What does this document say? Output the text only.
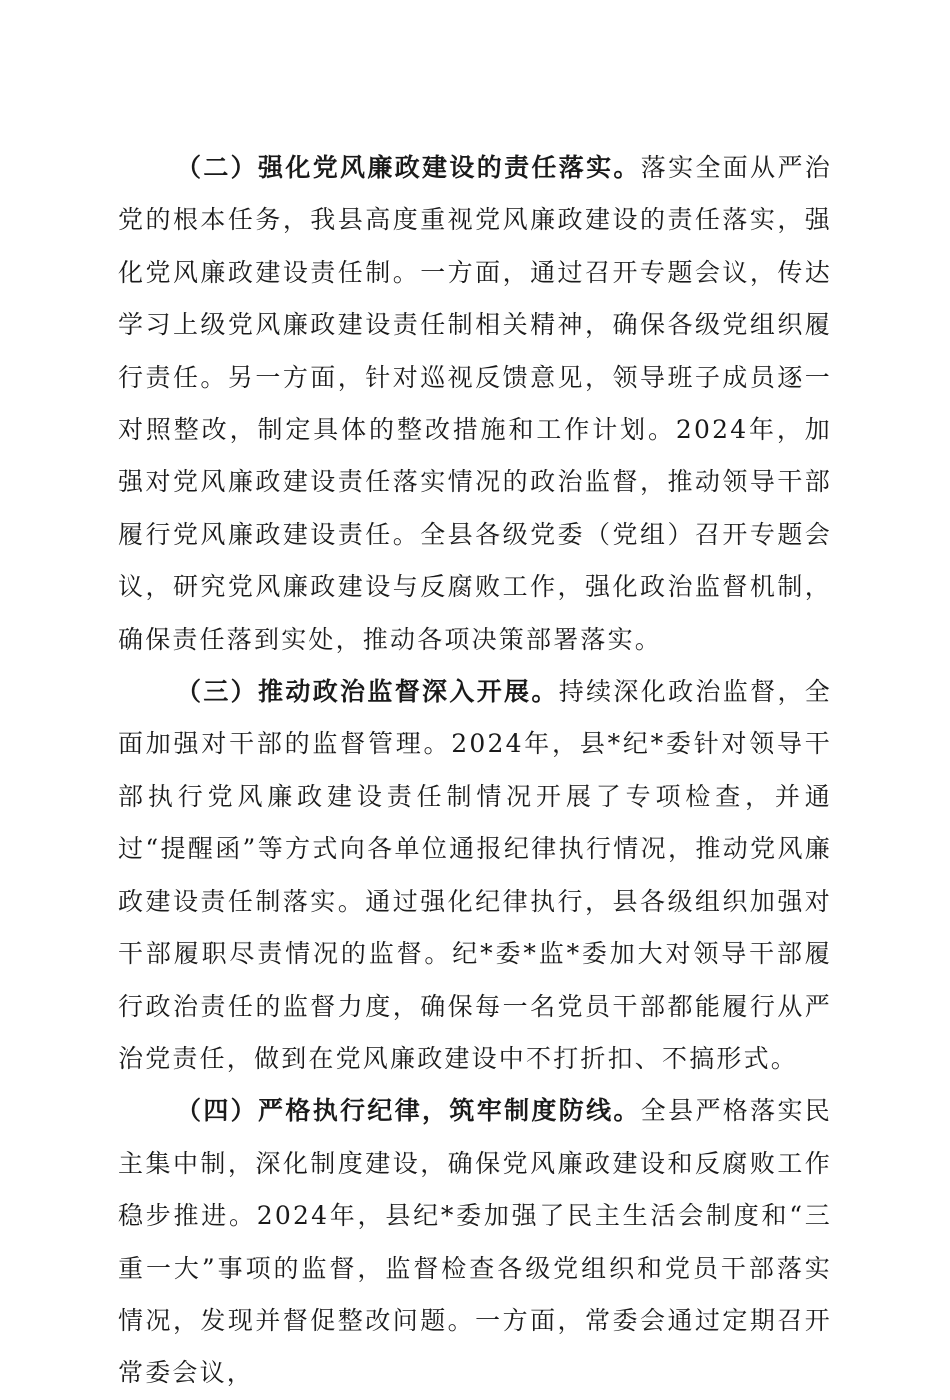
（二）强化党风廉政建设的责任落实。落实全面从严治党的根本任务，我县高度重视党风廉政建设的责任落实，强化党风廉政建设责任制。一方面，通过召开专题会议，传达学习上级党风廉政建设责任制相关精神，确保各级党组织履行责任。另一方面，针对巡视反馈意见，领导班子成员逐一对照整改，制定具体的整改措施和工作计划。2024年，加强对党风廉政建设责任落实情况的政治监督，推动领导干部履行党风廉政建设责任。全县各级党委（党组）召开专题会议，研究党风廉政建设与反腐败工作，强化政治监督机制，确保责任落到实处，推动各项决策部署落实。

（三）推动政治监督深入开展。持续深化政治监督，全面加强对干部的监督管理。2024年，县*纪*委针对领导干部执行党风廉政建设责任制情况开展了专项检查，并通过“提醒函”等方式向各单位通报纪律执行情况，推动党风廉政建设责任制落实。通过强化纪律执行，县各级组织加强对干部履职尽责情况的监督。纪*委*监*委加大对领导干部履行政治责任的监督力度，确保每一名党员干部都能履行从严治党责任，做到在党风廉政建设中不打折扣、不搞形式。

（四）严格执行纪律，筑牢制度防线。全县严格落实民主集中制，深化制度建设，确保党风廉政建设和反腐败工作稳步推进。2024年，县纪*委加强了民主生活会制度和“三重一大”事项的监督，监督检查各级党组织和党员干部落实情况，发现并督促整改问题。一方面，常委会通过定期召开常委会议，
